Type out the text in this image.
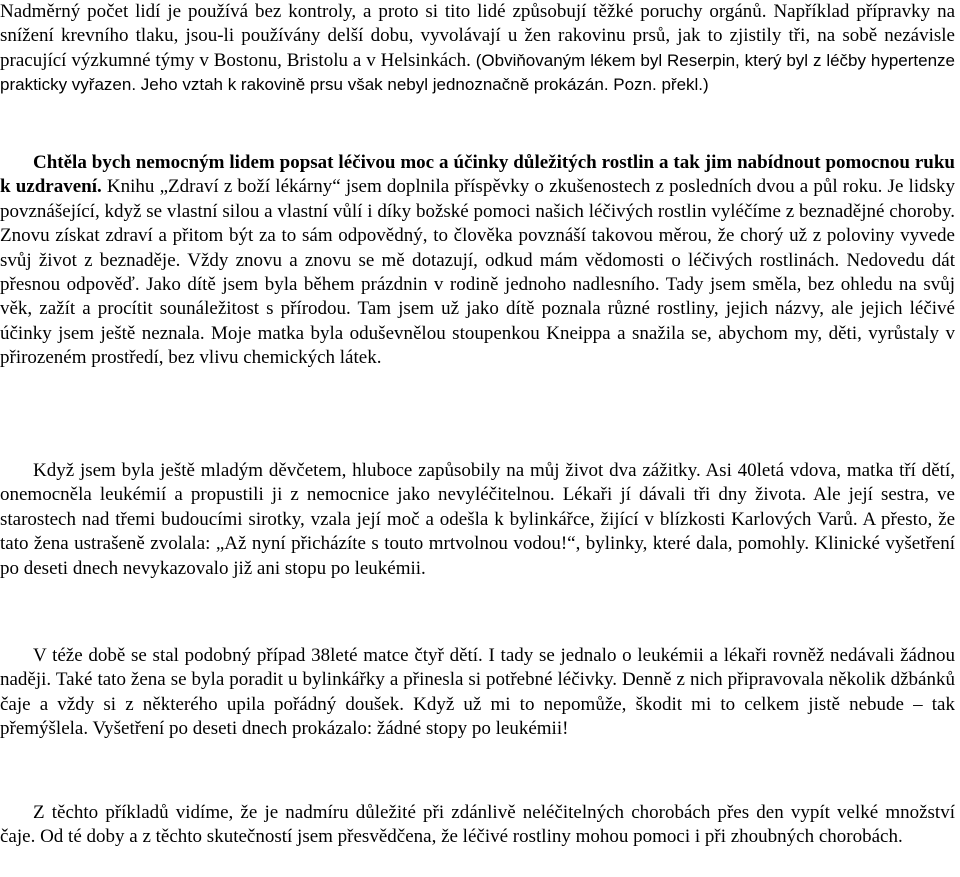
Nadměrný počet lidí je používá bez kontroly, a proto si tito lidé způsobují těžké poruchy orgánů. Například přípravky na snížení krevního tlaku, jsou-li používány delší dobu, vyvolávají u žen rakovinu prsů, jak to zjistily tři, na sobě nezávisle pracující výzkumné týmy v Bostonu, Bristolu a v Helsinkách. (Obviňovaným lékem byl Reserpin, který byl z léčby hypertenze prakticky vyřazen. Jeho vztah k rakovině prsu však nebyl jednoznačně prokázán. Pozn. překl.)

Chtěla bych nemocným lidem popsat léčivou moc a účinky důležitých rostlin a tak jim nabídnout pomocnou ruku k uzdravení. Knihu „Zdraví z boží lékárny“ jsem doplnila příspěvky o zkušenostech z posledních dvou a půl roku. Je lidsky povznášející, když se vlastní silou a vlastní vůlí i díky božské pomoci našich léčivých rostlin vyléčíme z beznadějné choroby. Znovu získat zdraví a přitom být za to sám odpovědný, to člověka povznáší takovou měrou, že chorý už z poloviny vyvede svůj život z beznaděje. Vždy znovu a znovu se mě dotazují, odkud mám vědomosti o léčivých rostlinách. Nedovedu dát přesnou odpověď. Jako dítě jsem byla během prázdnin v rodině jednoho nadlesního. Tady jsem směla, bez ohledu na svůj věk, zažít a procítit sounáležitost s přírodou. Tam jsem už jako dítě poznala různé rostliny, jejich názvy, ale jejich léčivé účinky jsem ještě neznala. Moje matka byla oduševnělou stoupenkou Kneippa a snažila se, abychom my, děti, vyrůstaly v přirozeném prostředí, bez vlivu chemických látek.

Když jsem byla ještě mladým děvčetem, hluboce zapůsobily na můj život dva zážitky. Asi 40letá vdova, matka tří dětí, onemocněla leukémií a propustili ji z nemocnice jako nevyléčitelnou. Lékaři jí dávali tři dny života. Ale její sestra, ve starostech nad třemi budoucími sirotky, vzala její moč a odešla k bylinkářce, žijící v blízkosti Karlových Varů. A přesto, že tato žena ustrašeně zvolala: „Až nyní přicházíte s touto mrtvolnou vodou!“, bylinky, které dala, pomohly. Klinické vyšetření po deseti dnech nevykazovalo již ani stopu po leukémii.

V téže době se stal podobný případ 38leté matce čtyř dětí. I tady se jednalo o leukémii a lékaři rovněž nedávali žádnou naději. Také tato žena se byla poradit u bylinkářky a přinesla si potřebné léčivky. Denně z nich připravovala několik džbánků čaje a vždy si z některého upila pořádný doušek. Když už mi to nepomůže, škodit mi to celkem jistě nebude – tak přemýšlela. Vyšetření po deseti dnech prokázalo: žádné stopy po leukémii!

Z těchto příkladů vidíme, že je nadmíru důležité při zdánlivě neléčitelných chorobách přes den vypít velké množství čaje. Od té doby a z těchto skutečností jsem přesvědčena, že léčivé rostliny mohou pomoci i při zhoubných chorobách.
